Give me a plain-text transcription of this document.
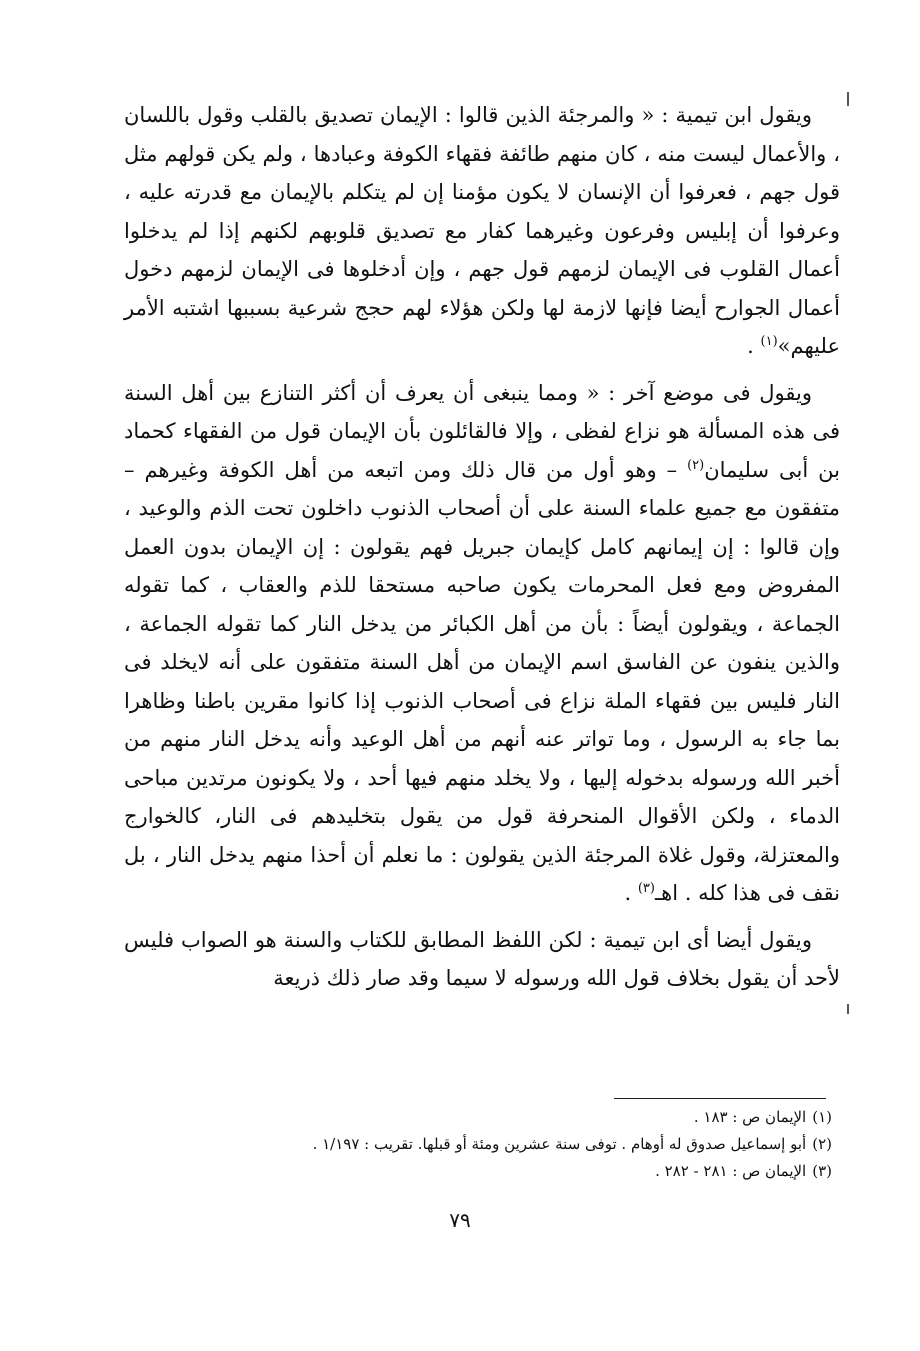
ويقول ابن تيمية : « والمرجئة الذين قالوا : الإيمان تصديق بالقلب وقول باللسان ، والأعمال ليست منه ، كان منهم طائفة فقهاء الكوفة وعبادها ، ولم يكن قولهم مثل قول جهم ، فعرفوا أن الإنسان لا يكون مؤمنا إن لم يتكلم بالإيمان مع قدرته عليه ، وعرفوا أن إبليس وفرعون وغيرهما كفار مع تصديق قلوبهم لكنهم إذا لم يدخلوا أعمال القلوب فى الإيمان لزمهم قول جهم ، وإن أدخلوها فى الإيمان لزمهم دخول أعمال الجوارح أيضا فإنها لازمة لها ولكن هؤلاء لهم حجج شرعية بسببها اشتبه الأمر عليهم»$^{(١)}$ .

ويقول فى موضع آخر : « ومما ينبغى أن يعرف أن أكثر التنازع بين أهل السنة فى هذه المسألة هو نزاع لفظى ، وإلا فالقائلون بأن الإيمان قول من الفقهاء كحماد بن أبى سليمان$^{(٢)}$ – وهو أول من قال ذلك ومن اتبعه من أهل الكوفة وغيرهم – متفقون مع جميع علماء السنة على أن أصحاب الذنوب داخلون تحت الذم والوعيد ، وإن قالوا : إن إيمانهم كامل كإيمان جبريل فهم يقولون : إن الإيمان بدون العمل المفروض ومع فعل المحرمات يكون صاحبه مستحقا للذم والعقاب ، كما تقوله الجماعة ، ويقولون أيضاً : بأن من أهل الكبائر من يدخل النار كما تقوله الجماعة ، والذين ينفون عن الفاسق اسم الإيمان من أهل السنة متفقون على أنه لايخلد فى النار فليس بين فقهاء الملة نزاع فى أصحاب الذنوب إذا كانوا مقرين باطنا وظاهرا بما جاء به الرسول ، وما تواتر عنه أنهم من أهل الوعيد وأنه يدخل النار منهم من أخبر الله ورسوله بدخوله إليها ، ولا يخلد منهم فيها أحد ، ولا يكونون مرتدين مباحى الدماء ، ولكن الأقوال المنحرفة قول من يقول بتخليدهم فى النار، كالخوارج والمعتزلة، وقول غلاة المرجئة الذين يقولون : ما نعلم أن أحذا منهم يدخل النار ، بل نقف فى هذا كله . اهـ$^{(٣)}$ .

ويقول أيضا أى ابن تيمية : لكن اللفظ المطابق للكتاب والسنة هو الصواب فليس لأحد أن يقول بخلاف قول الله ورسوله لا سيما وقد صار ذلك ذريعة

(١)الإيمان ص : ١٨٣ .
(٢)أبو إسماعيل صدوق له أوهام . توفى سنة عشرين ومئة أو قبلها. تقريب : ١/١٩٧ .
(٣)الإيمان ص : ٢٨١ - ٢٨٢ .
٧٩
